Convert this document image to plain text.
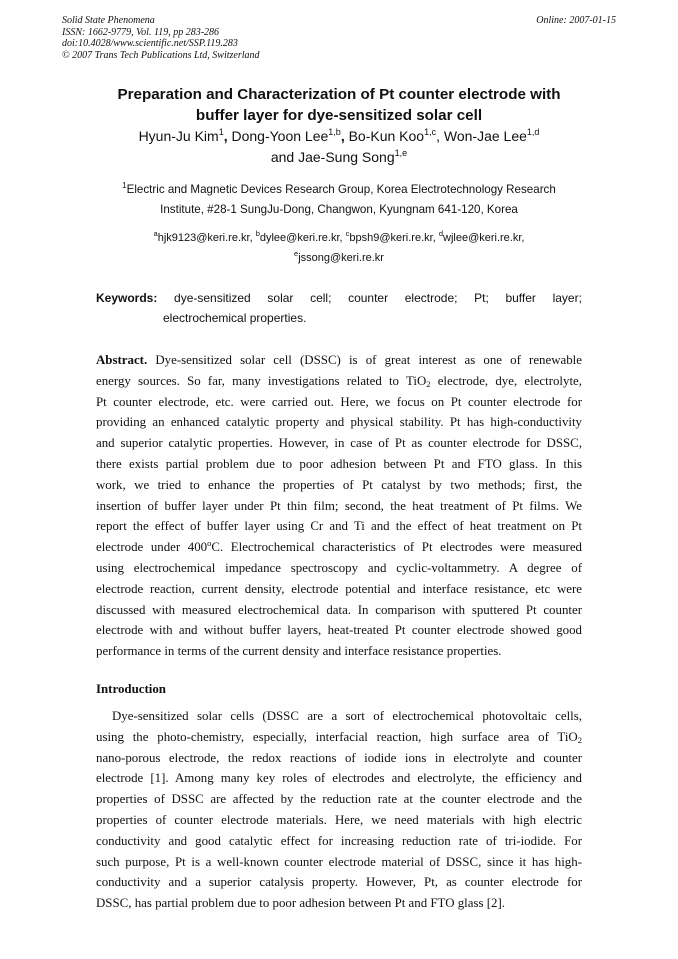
Solid State Phenomena
ISSN: 1662-9779, Vol. 119, pp 283-286
doi:10.4028/www.scientific.net/SSP.119.283
© 2007 Trans Tech Publications Ltd, Switzerland
Online: 2007-01-15
Preparation and Characterization of Pt counter electrode with
buffer layer for dye-sensitized solar cell
Hyun-Ju Kim$^1$, Dong-Yoon Lee$^{1,b}$, Bo-Kun Koo$^{1,c}$, Won-Jae Lee$^{1,d}$
and Jae-Sung Song$^{1,e}$
$^1$Electric and Magnetic Devices Research Group, Korea Electrotechnology Research
Institute, #28-1 SungJu-Dong, Changwon, Kyungnam 641-120, Korea
$^a$hjk9123@keri.re.kr, $^b$dylee@keri.re.kr, $^c$bpsh9@keri.re.kr, $^d$wjlee@keri.re.kr,
$^e$jssong@keri.re.kr
Keywords: dye-sensitized solar cell; counter electrode; Pt; buffer layer;
electrochemical properties.
Abstract. Dye-sensitized solar cell (DSSC) is of great interest as one of renewable
energy sources. So far, many investigations related to TiO$_2$ electrode, dye, electrolyte,
Pt counter electrode, etc. were carried out. Here, we focus on Pt counter electrode for
providing an enhanced catalytic property and physical stability. Pt has high-conductivity
and superior catalytic properties. However, in case of Pt as counter electrode for DSSC,
there exists partial problem due to poor adhesion between Pt and FTO glass. In this
work, we tried to enhance the properties of Pt catalyst by two methods; first, the
insertion of buffer layer under Pt thin film; second, the heat treatment of Pt films. We
report the effect of buffer layer using Cr and Ti and the effect of heat treatment on Pt
electrode under 400$^o$C. Electrochemical characteristics of Pt electrodes were measured
using electrochemical impedance spectroscopy and cyclic-voltammetry. A degree of
electrode reaction, current density, electrode potential and interface resistance, etc were
discussed with measured electrochemical data. In comparison with sputtered Pt counter
electrode with and without buffer layers, heat-treated Pt counter electrode showed good
performance in terms of the current density and interface resistance properties.
Introduction
Dye-sensitized solar cells (DSSC are a sort of electrochemical photovoltaic cells,
using the photo-chemistry, especially, interfacial reaction, high surface area of TiO$_2$
nano-porous electrode, the redox reactions of iodide ions in electrolyte and counter
electrode [1]. Among many key roles of electrodes and electrolyte, the efficiency and
properties of DSSC are affected by the reduction rate at the counter electrode and the
properties of counter electrode materials. Here, we need materials with high electric
conductivity and good catalytic effect for increasing reduction rate of tri-iodide. For
such purpose, Pt is a well-known counter electrode material of DSSC, since it has high-
conductivity and a superior catalysis property. However, Pt, as counter electrode for
DSSC, has partial problem due to poor adhesion between Pt and FTO glass [2].
